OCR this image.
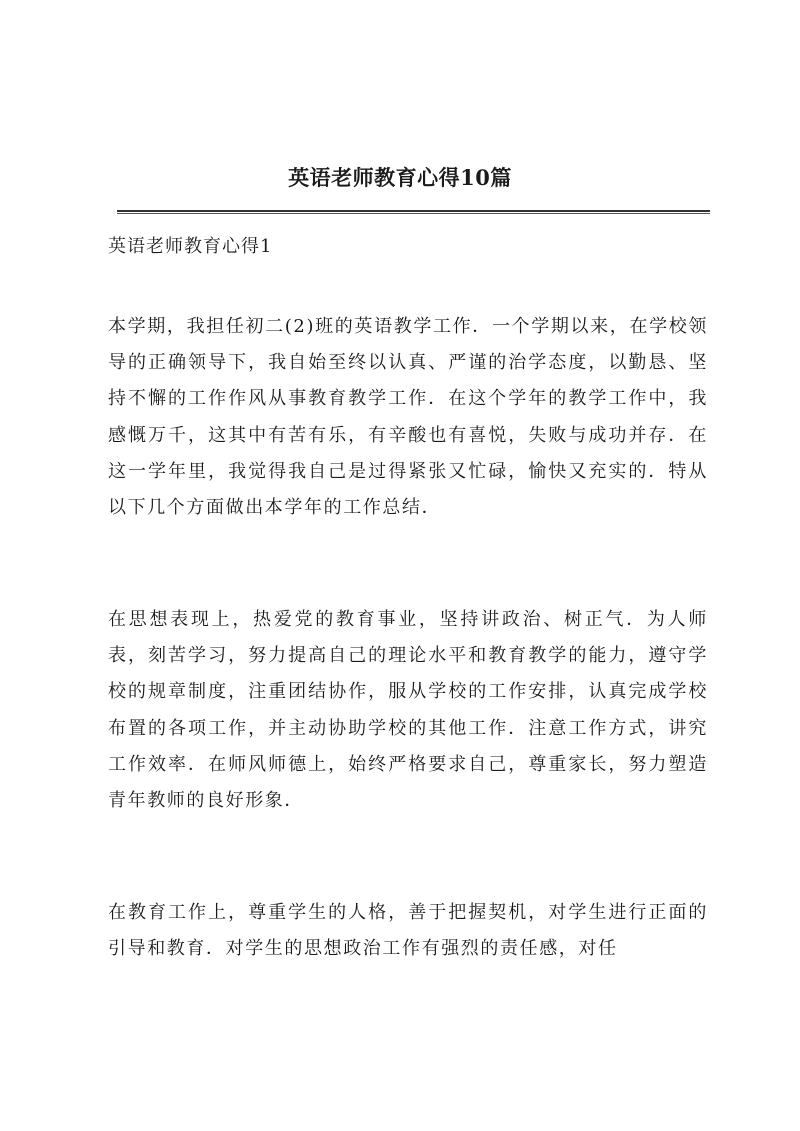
英语老师教育心得10篇
英语老师教育心得1
本学期，我担任初二(2)班的英语教学工作．一个学期以来，在学校领导的正确领导下，我自始至终以认真、严谨的治学态度，以勤恳、坚持不懈的工作作风从事教育教学工作．在这个学年的教学工作中，我感慨万千，这其中有苦有乐，有辛酸也有喜悦，失败与成功并存．在这一学年里，我觉得我自己是过得紧张又忙碌，愉快又充实的．特从以下几个方面做出本学年的工作总结．
在思想表现上，热爱党的教育事业，坚持讲政治、树正气．为人师表，刻苦学习，努力提高自己的理论水平和教育教学的能力，遵守学校的规章制度，注重团结协作，服从学校的工作安排，认真完成学校布置的各项工作，并主动协助学校的其他工作．注意工作方式，讲究工作效率．在师风师德上，始终严格要求自己，尊重家长，努力塑造青年教师的良好形象．
在教育工作上，尊重学生的人格，善于把握契机，对学生进行正面的引导和教育．对学生的思想政治工作有强烈的责任感，对任
